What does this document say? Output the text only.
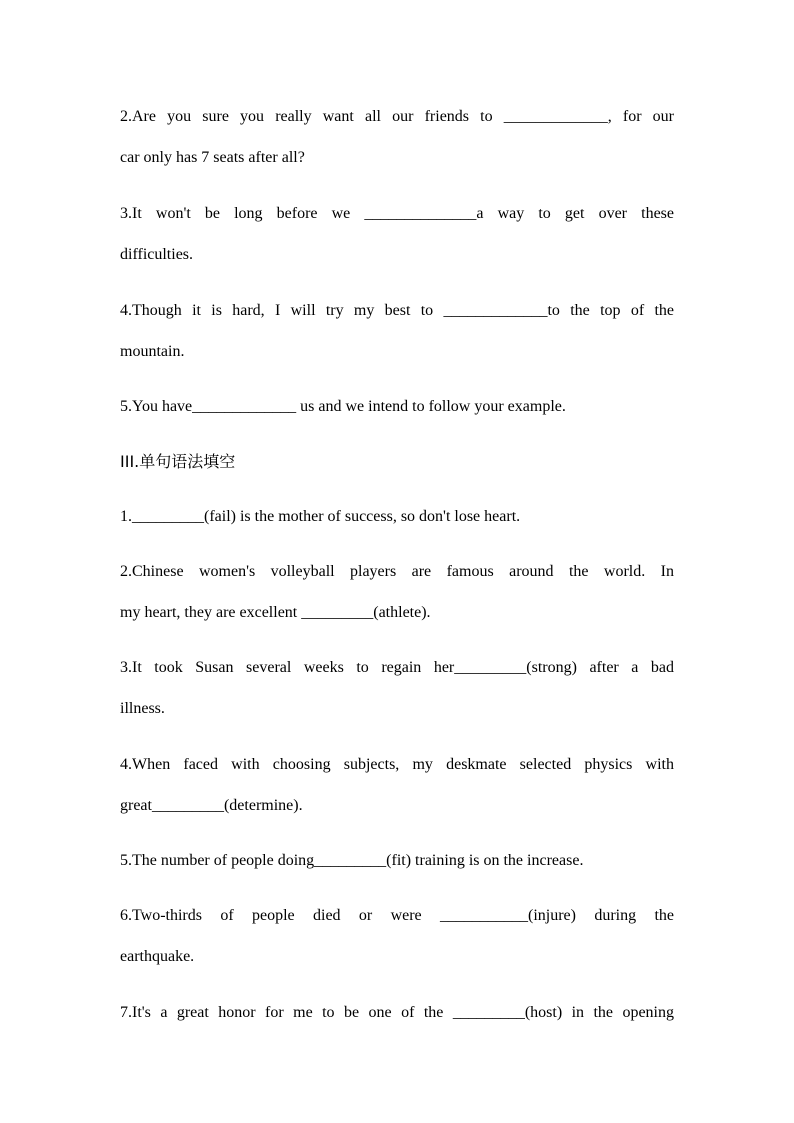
2.Are you sure you really want all our friends to _____________, for our
car only has 7 seats after all?
3.It won't be long before we ______________a way to get over these
difficulties.
4.Though it is hard, I will try my best to _____________to the top of the
mountain.
5.You have_____________ us and we intend to follow your example.
III.单句语法填空
1._________(fail) is the mother of success, so don't lose heart.
2.Chinese women's volleyball players are famous around the world. In
my heart, they are excellent _________(athlete).
3.It took Susan several weeks to regain her_________(strong) after a bad
illness.
4.When faced with choosing subjects, my deskmate selected physics with
great_________(determine).
5.The number of people doing_________(fit) training is on the increase.
6.Two-thirds of people died or were ___________(injure) during the
earthquake.
7.It's a great honor for me to be one of the _________(host) in the opening
